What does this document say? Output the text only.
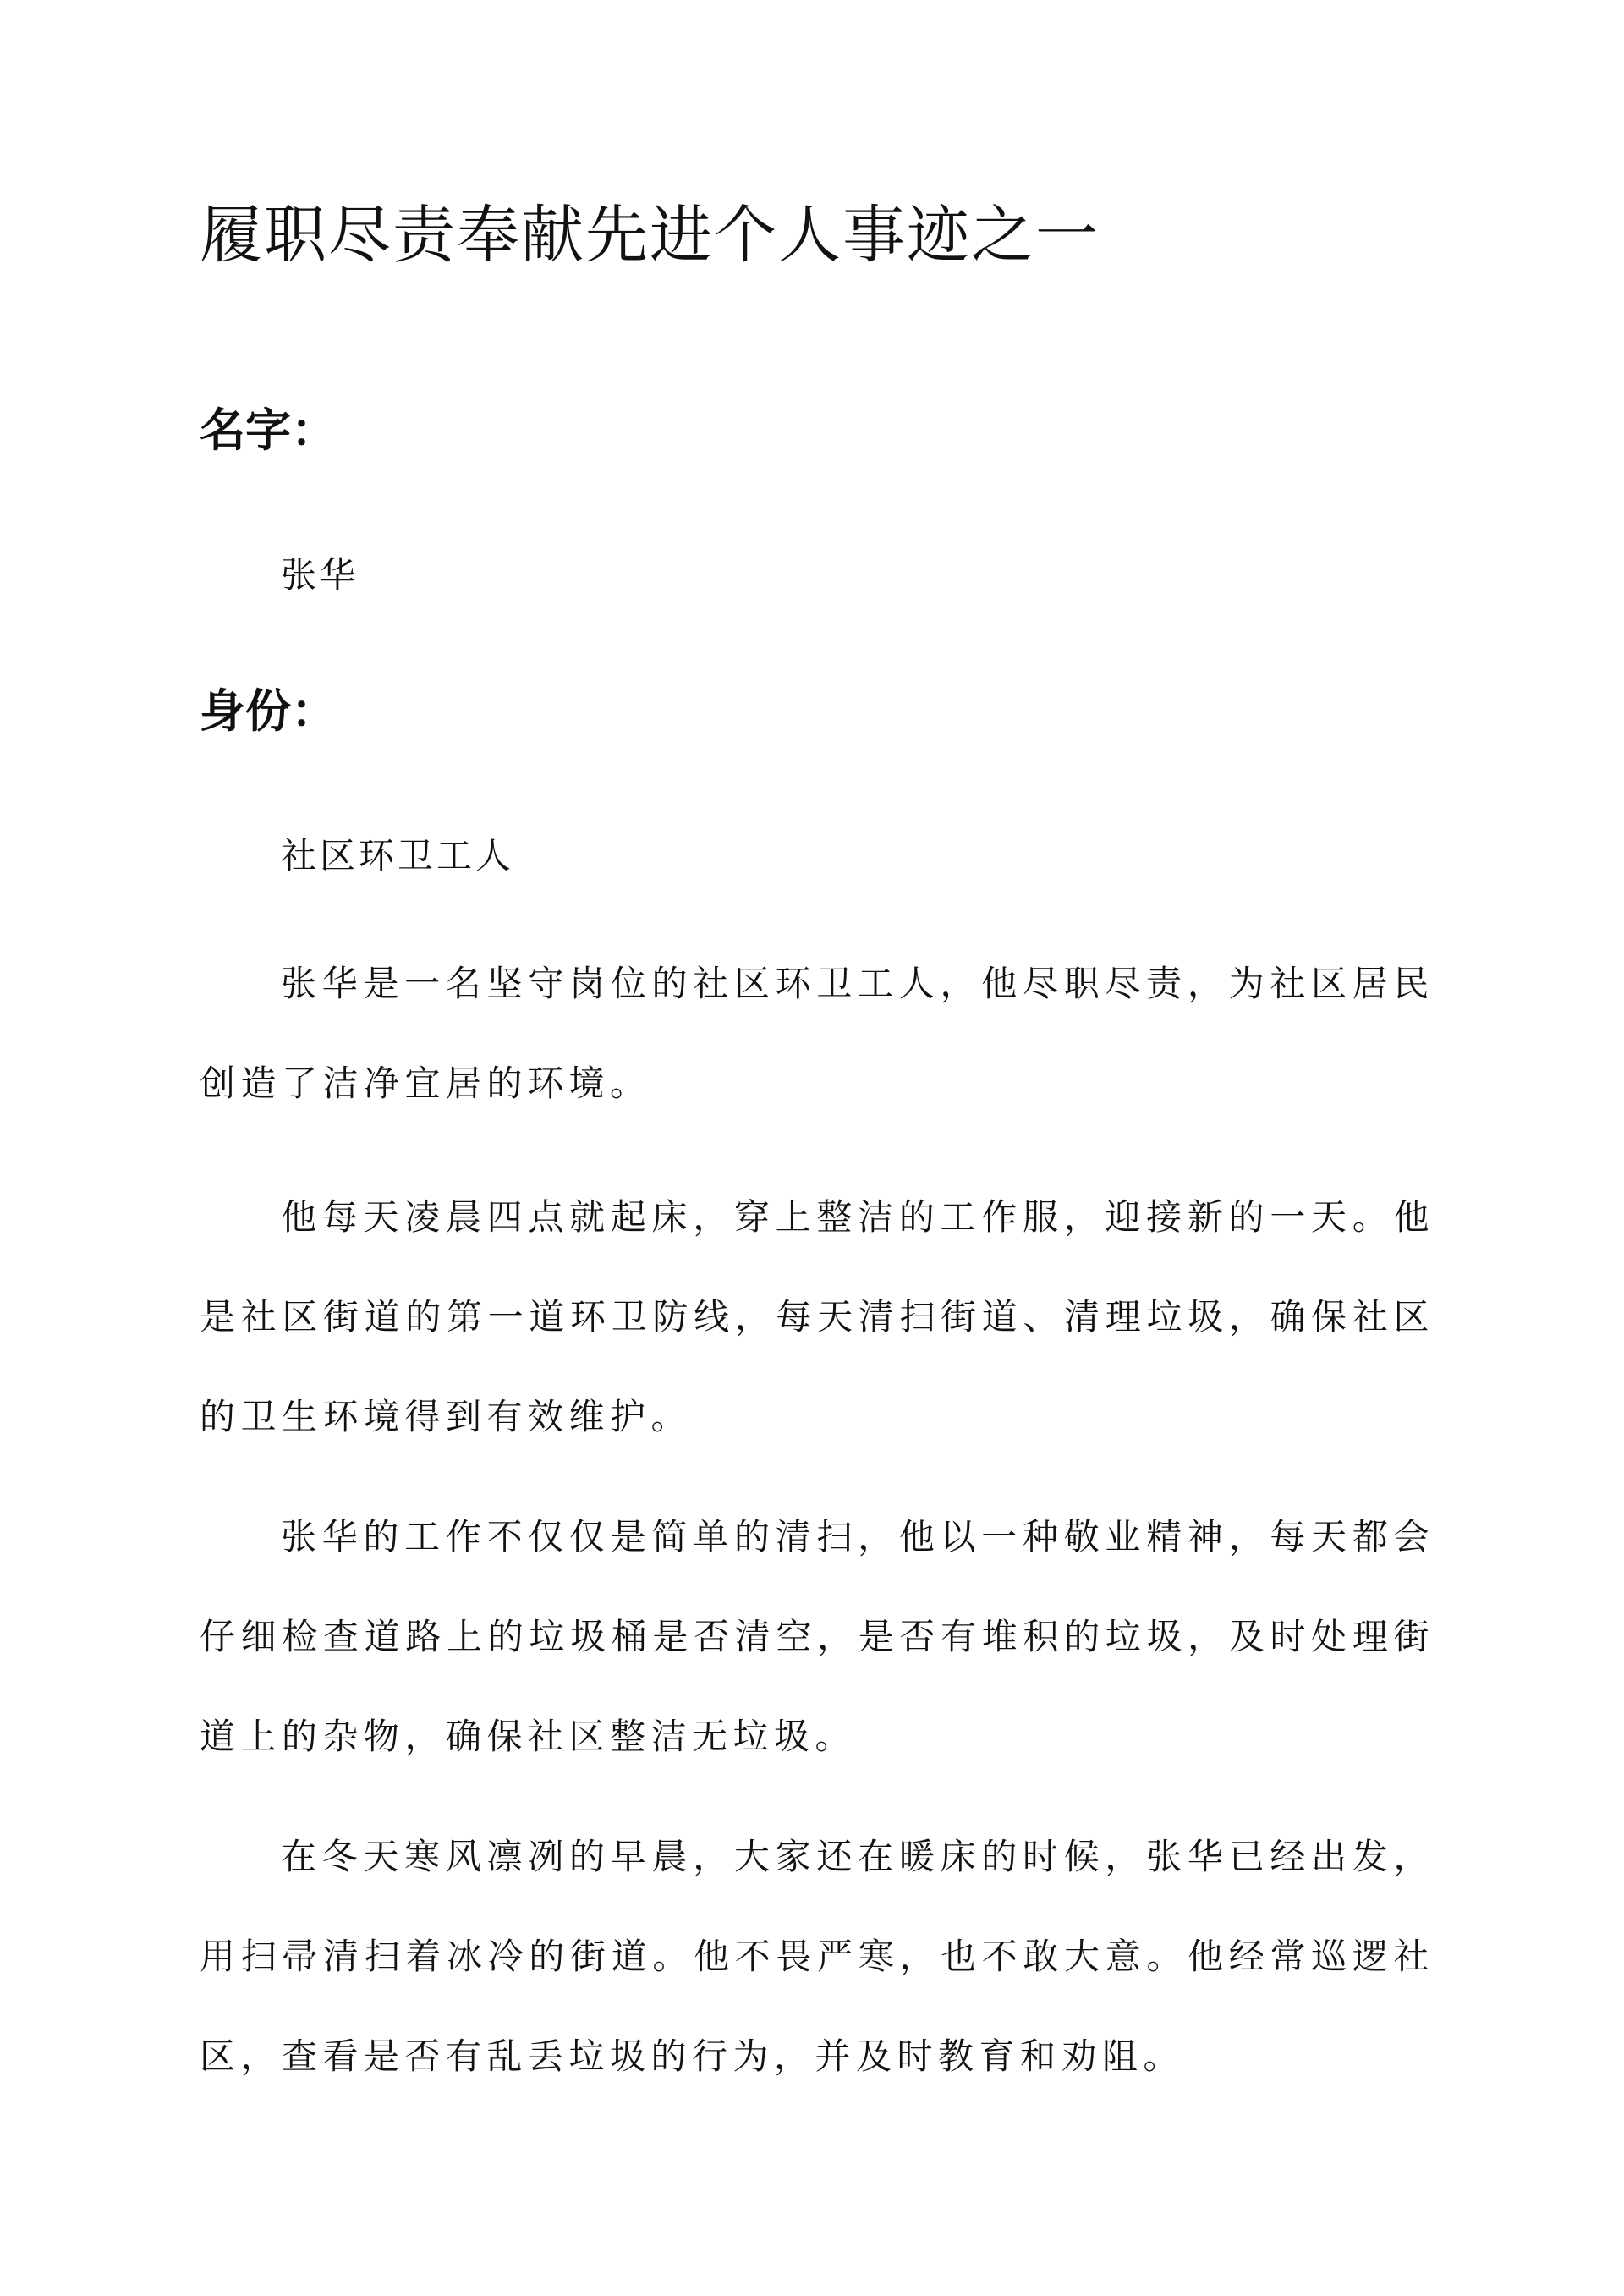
履职尽责奉献先进个人事迹之一
名字：

张华

身份：

社区环卫工人

张华是一名坚守岗位的社区环卫工人，他尽职尽责，为社区居民创造了洁净宜居的环境。

他每天凌晨四点就起床，穿上整洁的工作服，迎接新的一天。他是社区街道的第一道环卫防线，每天清扫街道、清理垃圾，确保社区的卫生环境得到有效维护。

张华的工作不仅仅是简单的清扫，他以一种敬业精神，每天都会仔细检查道路上的垃圾桶是否清空，是否有堆积的垃圾，及时处理街道上的杂物，确保社区整洁无垃圾。

在冬天寒风凛冽的早晨，大家还在暖床的时候，张华已经出发，用扫帚清扫着冰冷的街道。他不畏严寒，也不敢大意。他经常巡逻社区，查看是否有乱丢垃圾的行为，并及时教育和劝阻。
